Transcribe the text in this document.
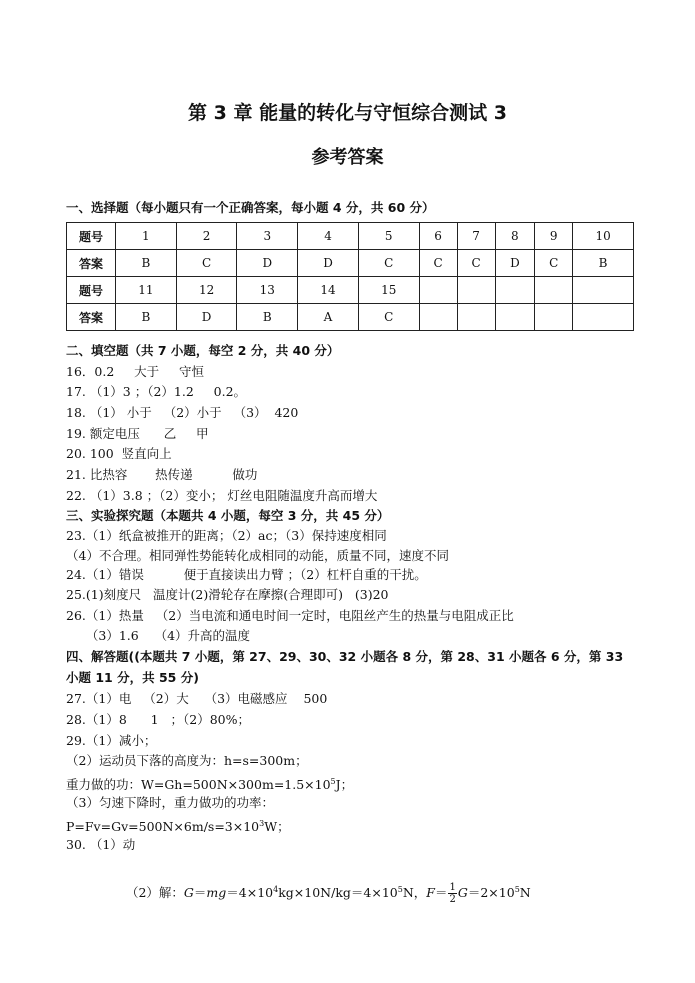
第 3 章 能量的转化与守恒综合测试 3
参考答案
一、选择题（每小题只有一个正确答案，每小题 4 分，共 60 分）
题号	1	2	3	4	5	6	7	8	9	10
答案	B	C	D	D	C	C	C	D	C	B
题号	11	12	13	14	15					
答案	B	D	B	A	C					
二、填空题（共 7 小题，每空 2 分，共 40 分）
16．0.2     大于     守恒
17. （1）3 ；（2）1.2     0.2。
18. （1） 小于   （2）小于   （3）  420
19. 额定电压      乙     甲
20. 100  竖直向上
21. 比热容       热传递          做功
22. （1）3.8 ；（2）变小； 灯丝电阻随温度升高而增大
三、实验探究题（本题共 4 小题，每空 3 分，共 45 分）
23.（1）纸盒被推开的距离；（2）ac；（3）保持速度相同
（4）不合理。相同弹性势能转化成相同的动能，质量不同，速度不同
24.（1）错误          便于直接读出力臂 ；（2）杠杆自重的干扰。
25.(1)刻度尺   温度计(2)滑轮存在摩擦(合理即可)   (3)20
26.（1）热量   （2）当电流和通电时间一定时，电阻丝产生的热量与电阻成正比
（3）1.6    （4）升高的温度
四、解答题((本题共 7 小题，第 27、29、30、32 小题各 8 分，第 28、31 小题各 6 分，第 33
小题 11 分，共 55 分)
27.（1）电   （2）大    （3）电磁感应    500
28.（1）8      1   ；（2）80%；
29.（1）减小；
（2）运动员下落的高度为：h=s=300m；
重力做的功：$W=Gh=500N\times 300m=1.5\times 10^5J$；
（3）匀速下降时，重力做功的功率：
$P=Fv=Gv=500N\times 6m/s=3\times 10^3W$；
30. （1）动

（2）解：$G=mg=4\times 10^4kg\times 10N/kg=4\times 10^5N$，$F= \frac{1}{2} G=2\times 10^5N$
